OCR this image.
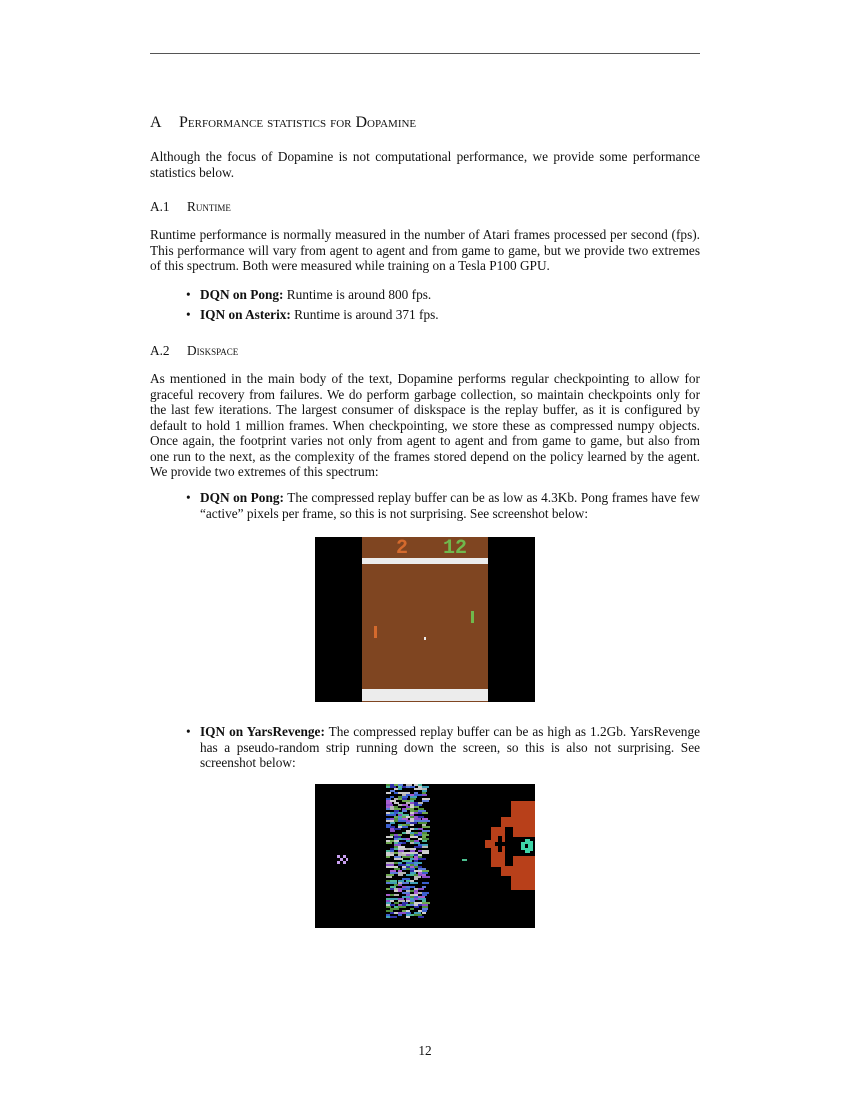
A Performance statistics for Dopamine

Although the focus of Dopamine is not computational performance, we provide some performance statistics below.

A.1 Runtime

Runtime performance is normally measured in the number of Atari frames processed per second (fps). This performance will vary from agent to agent and from game to game, but we provide two extremes of this spectrum. Both were measured while training on a Tesla P100 GPU.

• DQN on Pong: Runtime is around 800 fps.
• IQN on Asterix: Runtime is around 371 fps.
A.2 Diskspace

As mentioned in the main body of the text, Dopamine performs regular checkpointing to allow for graceful recovery from failures. We do perform garbage collection, so maintain checkpoints only for the last few iterations. The largest consumer of diskspace is the replay buffer, as it is configured by default to hold 1 million frames. When checkpointing, we store these as compressed numpy objects. Once again, the footprint varies not only from agent to agent and from game to game, but also from one run to the next, as the complexity of the frames stored depend on the policy learned by the agent. We provide two extremes of this spectrum:

• DQN on Pong: The compressed replay buffer can be as low as 4.3Kb. Pong frames have few “active” pixels per frame, so this is not surprising. See screenshot below:
2 12
• IQN on YarsRevenge: The compressed replay buffer can be as high as 1.2Gb. YarsRevenge has a pseudo-random strip running down the screen, so this is also not surprising. See screenshot below:
12
